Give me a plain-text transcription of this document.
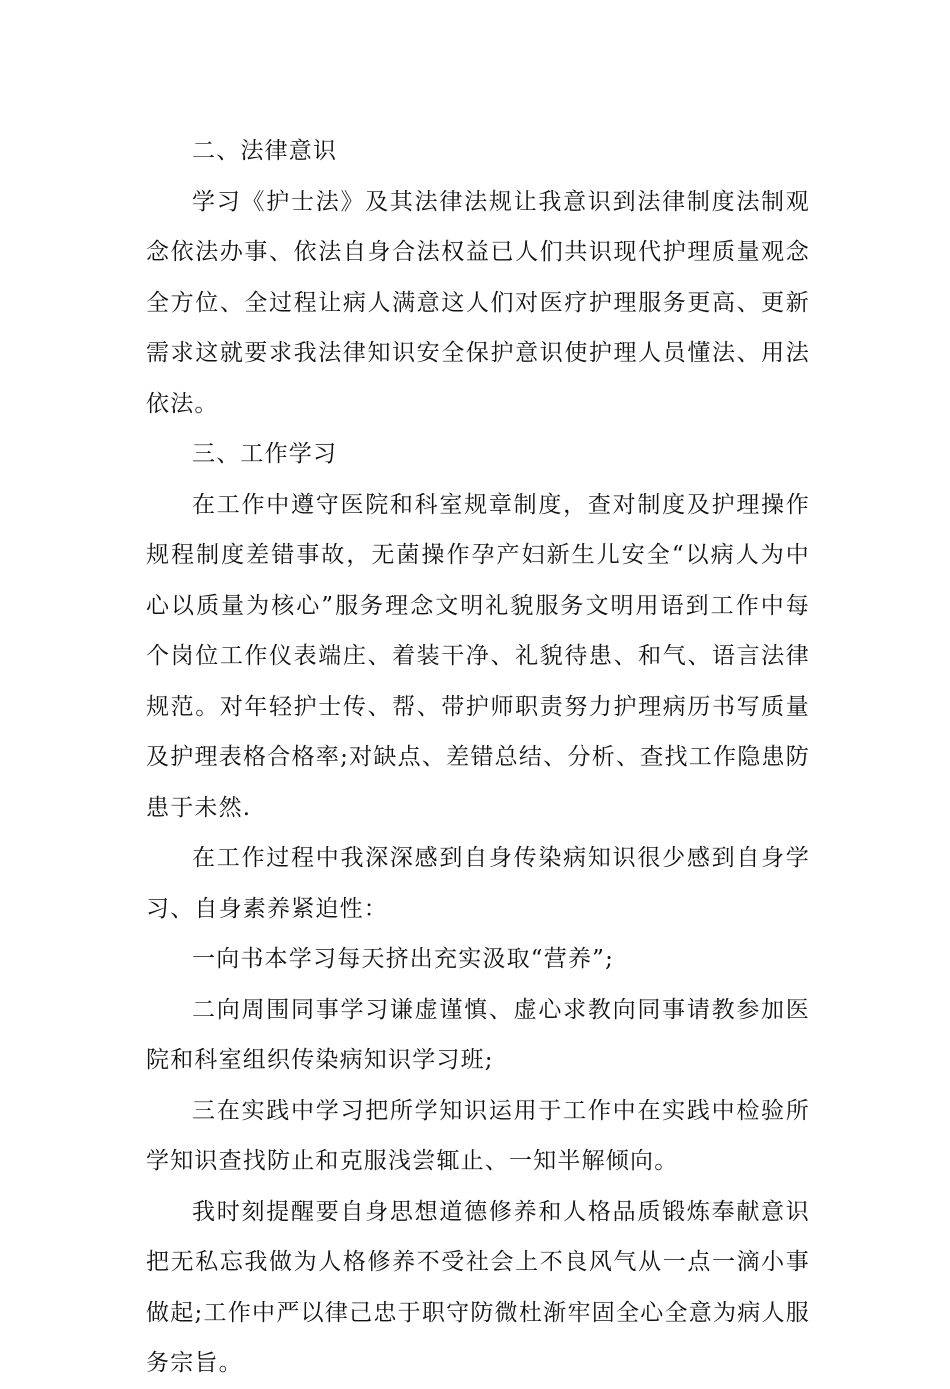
二、法律意识

学习《护士法》及其法律法规让我意识到法律制度法制观念依法办事、依法自身合法权益已人们共识现代护理质量观念全方位、全过程让病人满意这人们对医疗护理服务更高、更新需求这就要求我法律知识安全保护意识使护理人员懂法、用法依法。

三、工作学习

在工作中遵守医院和科室规章制度，查对制度及护理操作规程制度差错事故，无菌操作孕产妇新生儿安全“以病人为中心以质量为核心”服务理念文明礼貌服务文明用语到工作中每个岗位工作仪表端庄、着装干净、礼貌待患、和气、语言法律规范。对年轻护士传、帮、带护师职责努力护理病历书写质量及护理表格合格率;对缺点、差错总结、分析、查找工作隐患防患于未然.

在工作过程中我深深感到自身传染病知识很少感到自身学习、自身素养紧迫性：

一向书本学习每天挤出充实汲取“营养”;

二向周围同事学习谦虚谨慎、虚心求教向同事请教参加医院和科室组织传染病知识学习班;

三在实践中学习把所学知识运用于工作中在实践中检验所学知识查找防止和克服浅尝辄止、一知半解倾向。

我时刻提醒要自身思想道德修养和人格品质锻炼奉献意识把无私忘我做为人格修养不受社会上不良风气从一点一滴小事做起;工作中严以律己忠于职守防微杜渐牢固全心全意为病人服务宗旨。
